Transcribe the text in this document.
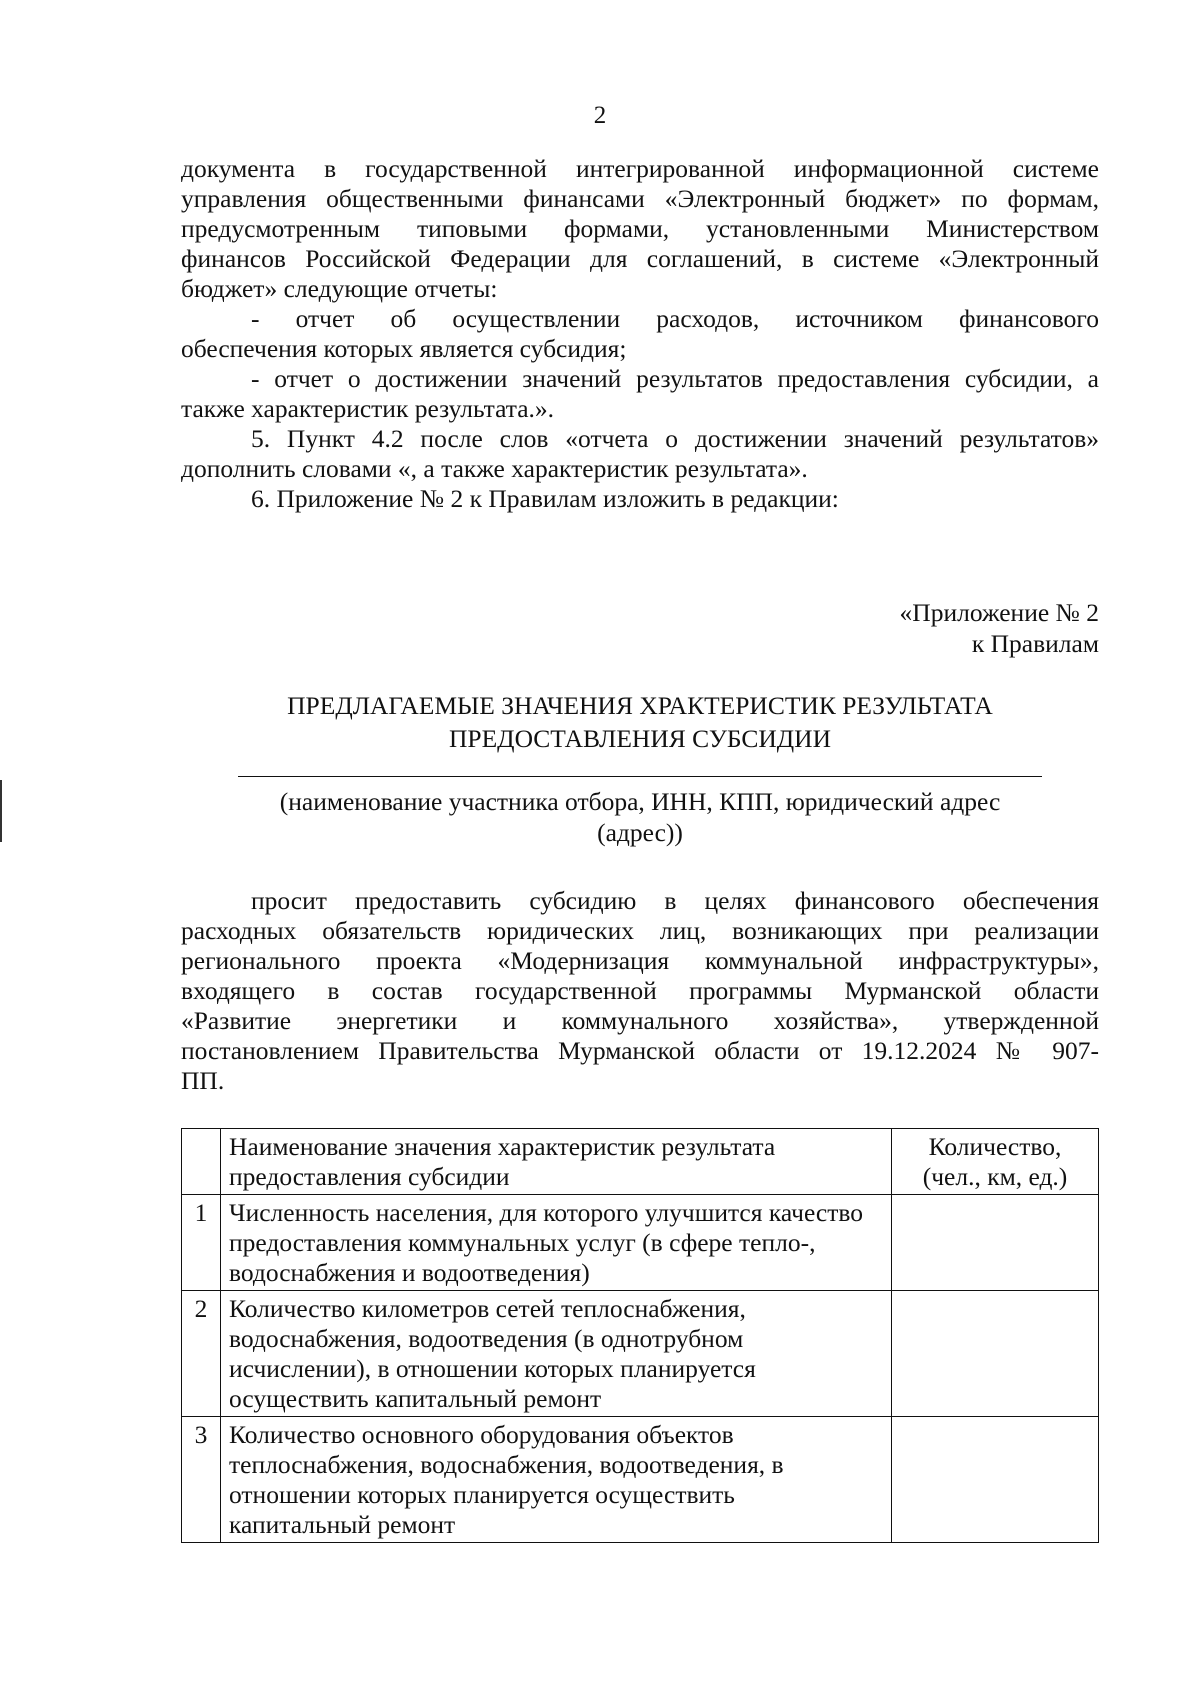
2

документа в государственной интегрированной информационной системе

управления общественными финансами «Электронный бюджет» по формам,

предусмотренным типовыми формами, установленными Министерством

финансов Российской Федерации для соглашений, в системе «Электронный

бюджет» следующие отчеты:

- отчет об осуществлении расходов, источником финансового

обеспечения которых является субсидия;

- отчет о достижении значений результатов предоставления субсидии, а

также характеристик результата.».

5. Пункт 4.2 после слов «отчета о достижении значений результатов»

дополнить словами «, а также характеристик результата».

6. Приложение № 2 к Правилам изложить в редакции:

«Приложение № 2
к Правилам
ПРЕДЛАГАЕМЫЕ ЗНАЧЕНИЯ ХРАКТЕРИСТИК РЕЗУЛЬТАТА
ПРЕДОСТАВЛЕНИЯ СУБСИДИИ
(наименование участника отбора, ИНН, КПП, юридический адрес
(адрес))

просит предоставить субсидию в целях финансового обеспечения

расходных обязательств юридических лиц, возникающих при реализации

регионального проекта «Модернизация коммунальной инфраструктуры»,

входящего в состав государственной программы Мурманской области

«Развитие энергетики и коммунального хозяйства», утвержденной

постановлением Правительства Мурманской области от 19.12.2024 № 907-

ПП.

	Наименование значения характеристик результата предоставления субсидии	Количество, (чел., км, ед.)
1	Численность населения, для которого улучшится качество предоставления коммунальных услуг (в сфере тепло-, водоснабжения и водоотведения)	
2	Количество километров сетей теплоснабжения, водоснабжения, водоотведения (в однотрубном исчислении), в отношении которых планируется осуществить капитальный ремонт	
3	Количество основного оборудования объектов теплоснабжения, водоснабжения, водоотведения, в отношении которых планируется осуществить капитальный ремонт	
